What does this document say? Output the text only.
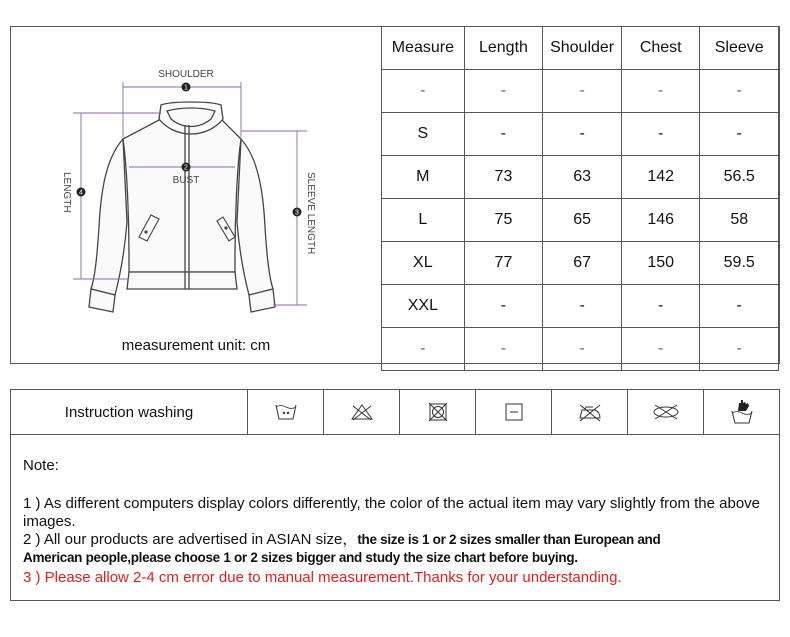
1
2
3
4
SHOULDER
BUST
LENGTH	SLEEVE LENGTH
measurement unit: cm
Measure	Length	Shoulder	Chest	Sleeve
-	-	-	-	-
S	-	-	-	-
M	73	63	142	56.5
L	75	65	146	58
XL	77	67	150	59.5
XXL	-	-	-	-
-	-	-	-	-
Instruction washing
Note:

1 ) As different computers display colors differently, the color of the actual item may vary slightly from the above images.

2 ) All our products are advertised in ASIAN size，the size is 1 or 2 sizes smaller than European and

American people,please choose 1 or 2 sizes bigger and study the size chart before buying.

3 ) Please allow 2-4 cm error due to manual measurement.Thanks for your understanding.
